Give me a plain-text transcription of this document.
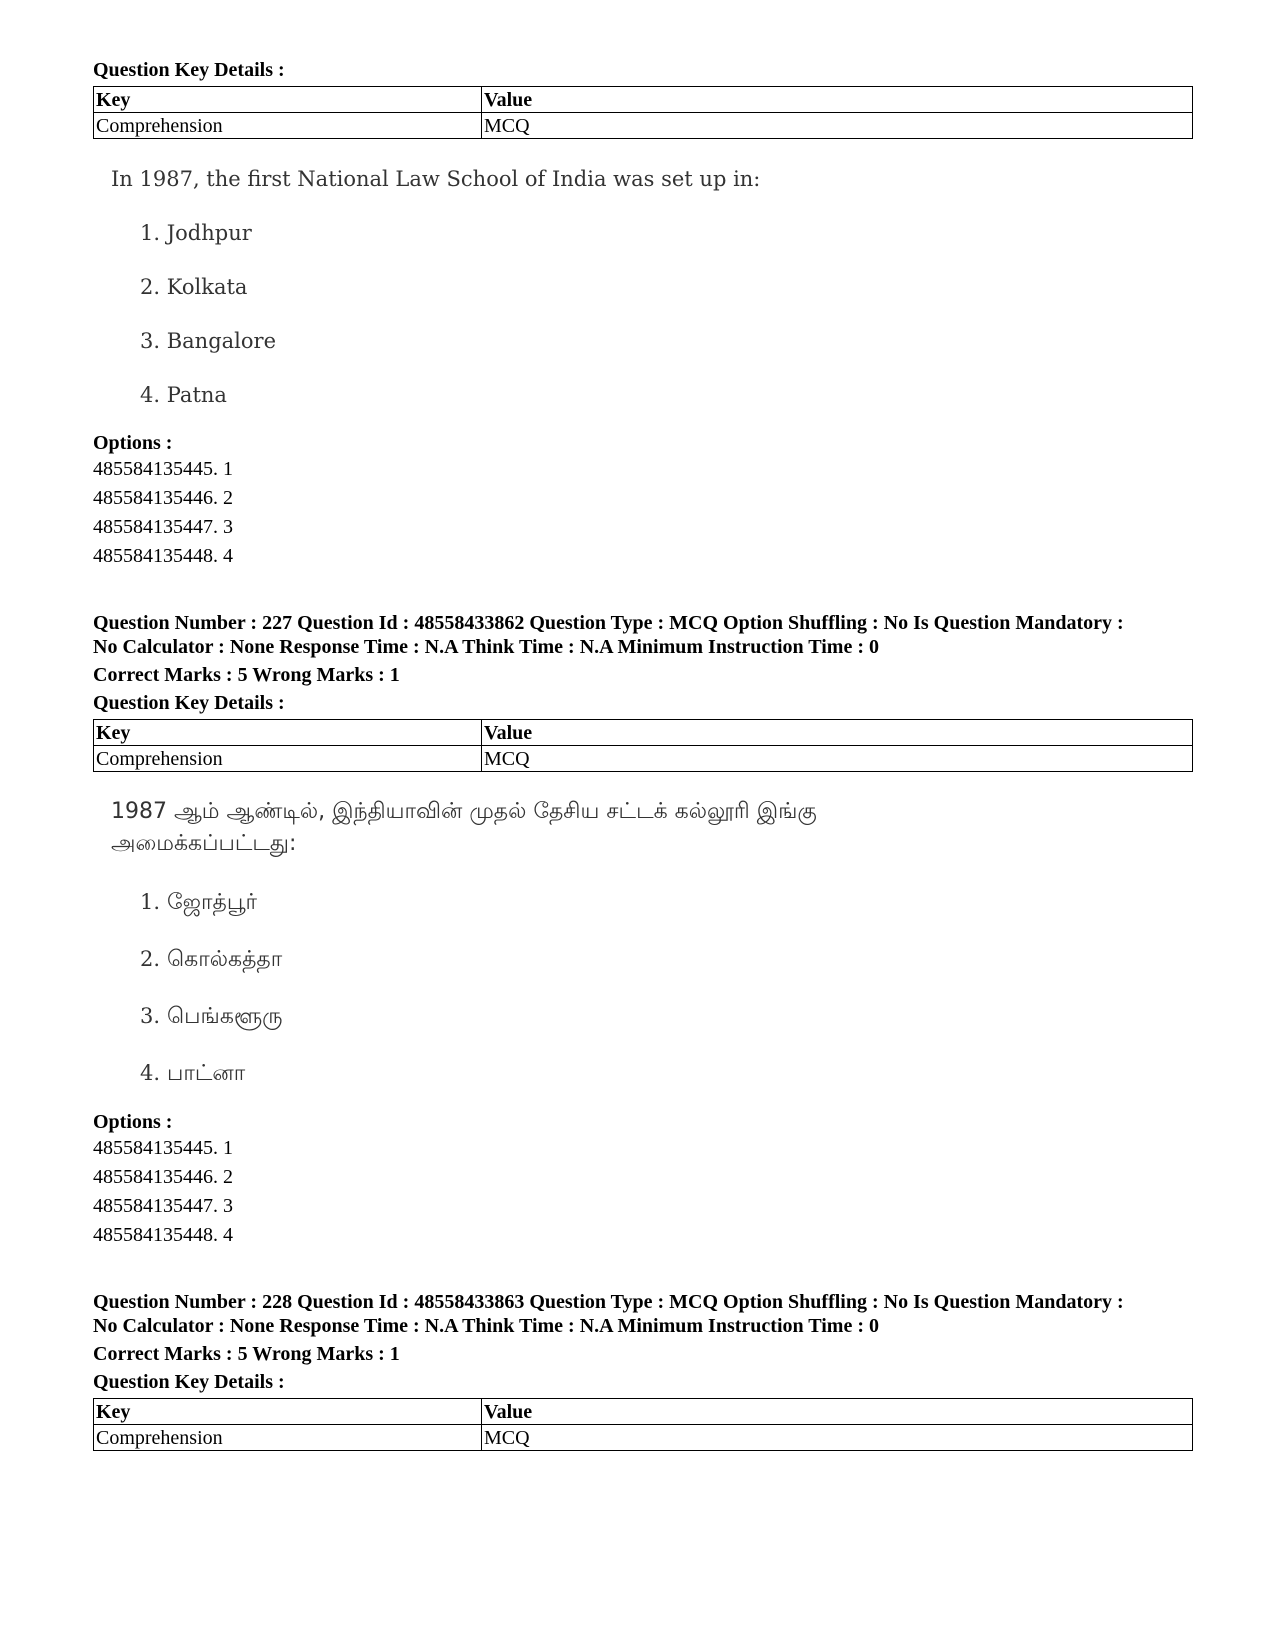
Question Key Details :
Key	Value
Comprehension	MCQ
In 1987, the first National Law School of India was set up in:
1. Jodhpur
2. Kolkata
3. Bangalore
4. Patna
Options :
485584135445. 1
485584135446. 2
485584135447. 3
485584135448. 4
Question Number : 227 Question Id : 48558433862 Question Type : MCQ Option Shuffling : No Is Question Mandatory :
No Calculator : None Response Time : N.A Think Time : N.A Minimum Instruction Time : 0
Correct Marks : 5 Wrong Marks : 1
Question Key Details :
Key	Value
Comprehension	MCQ
1987 ஆம் ஆண்டில், இந்தியாவின் முதல் தேசிய சட்டக் கல்லூரி இங்கு
அமைக்கப்பட்டது:
1. ஜோத்பூர்
2. கொல்கத்தா
3. பெங்களூரு
4. பாட்னா
Options :
485584135445. 1
485584135446. 2
485584135447. 3
485584135448. 4
Question Number : 228 Question Id : 48558433863 Question Type : MCQ Option Shuffling : No Is Question Mandatory :
No Calculator : None Response Time : N.A Think Time : N.A Minimum Instruction Time : 0
Correct Marks : 5 Wrong Marks : 1
Question Key Details :
Key	Value
Comprehension	MCQ
